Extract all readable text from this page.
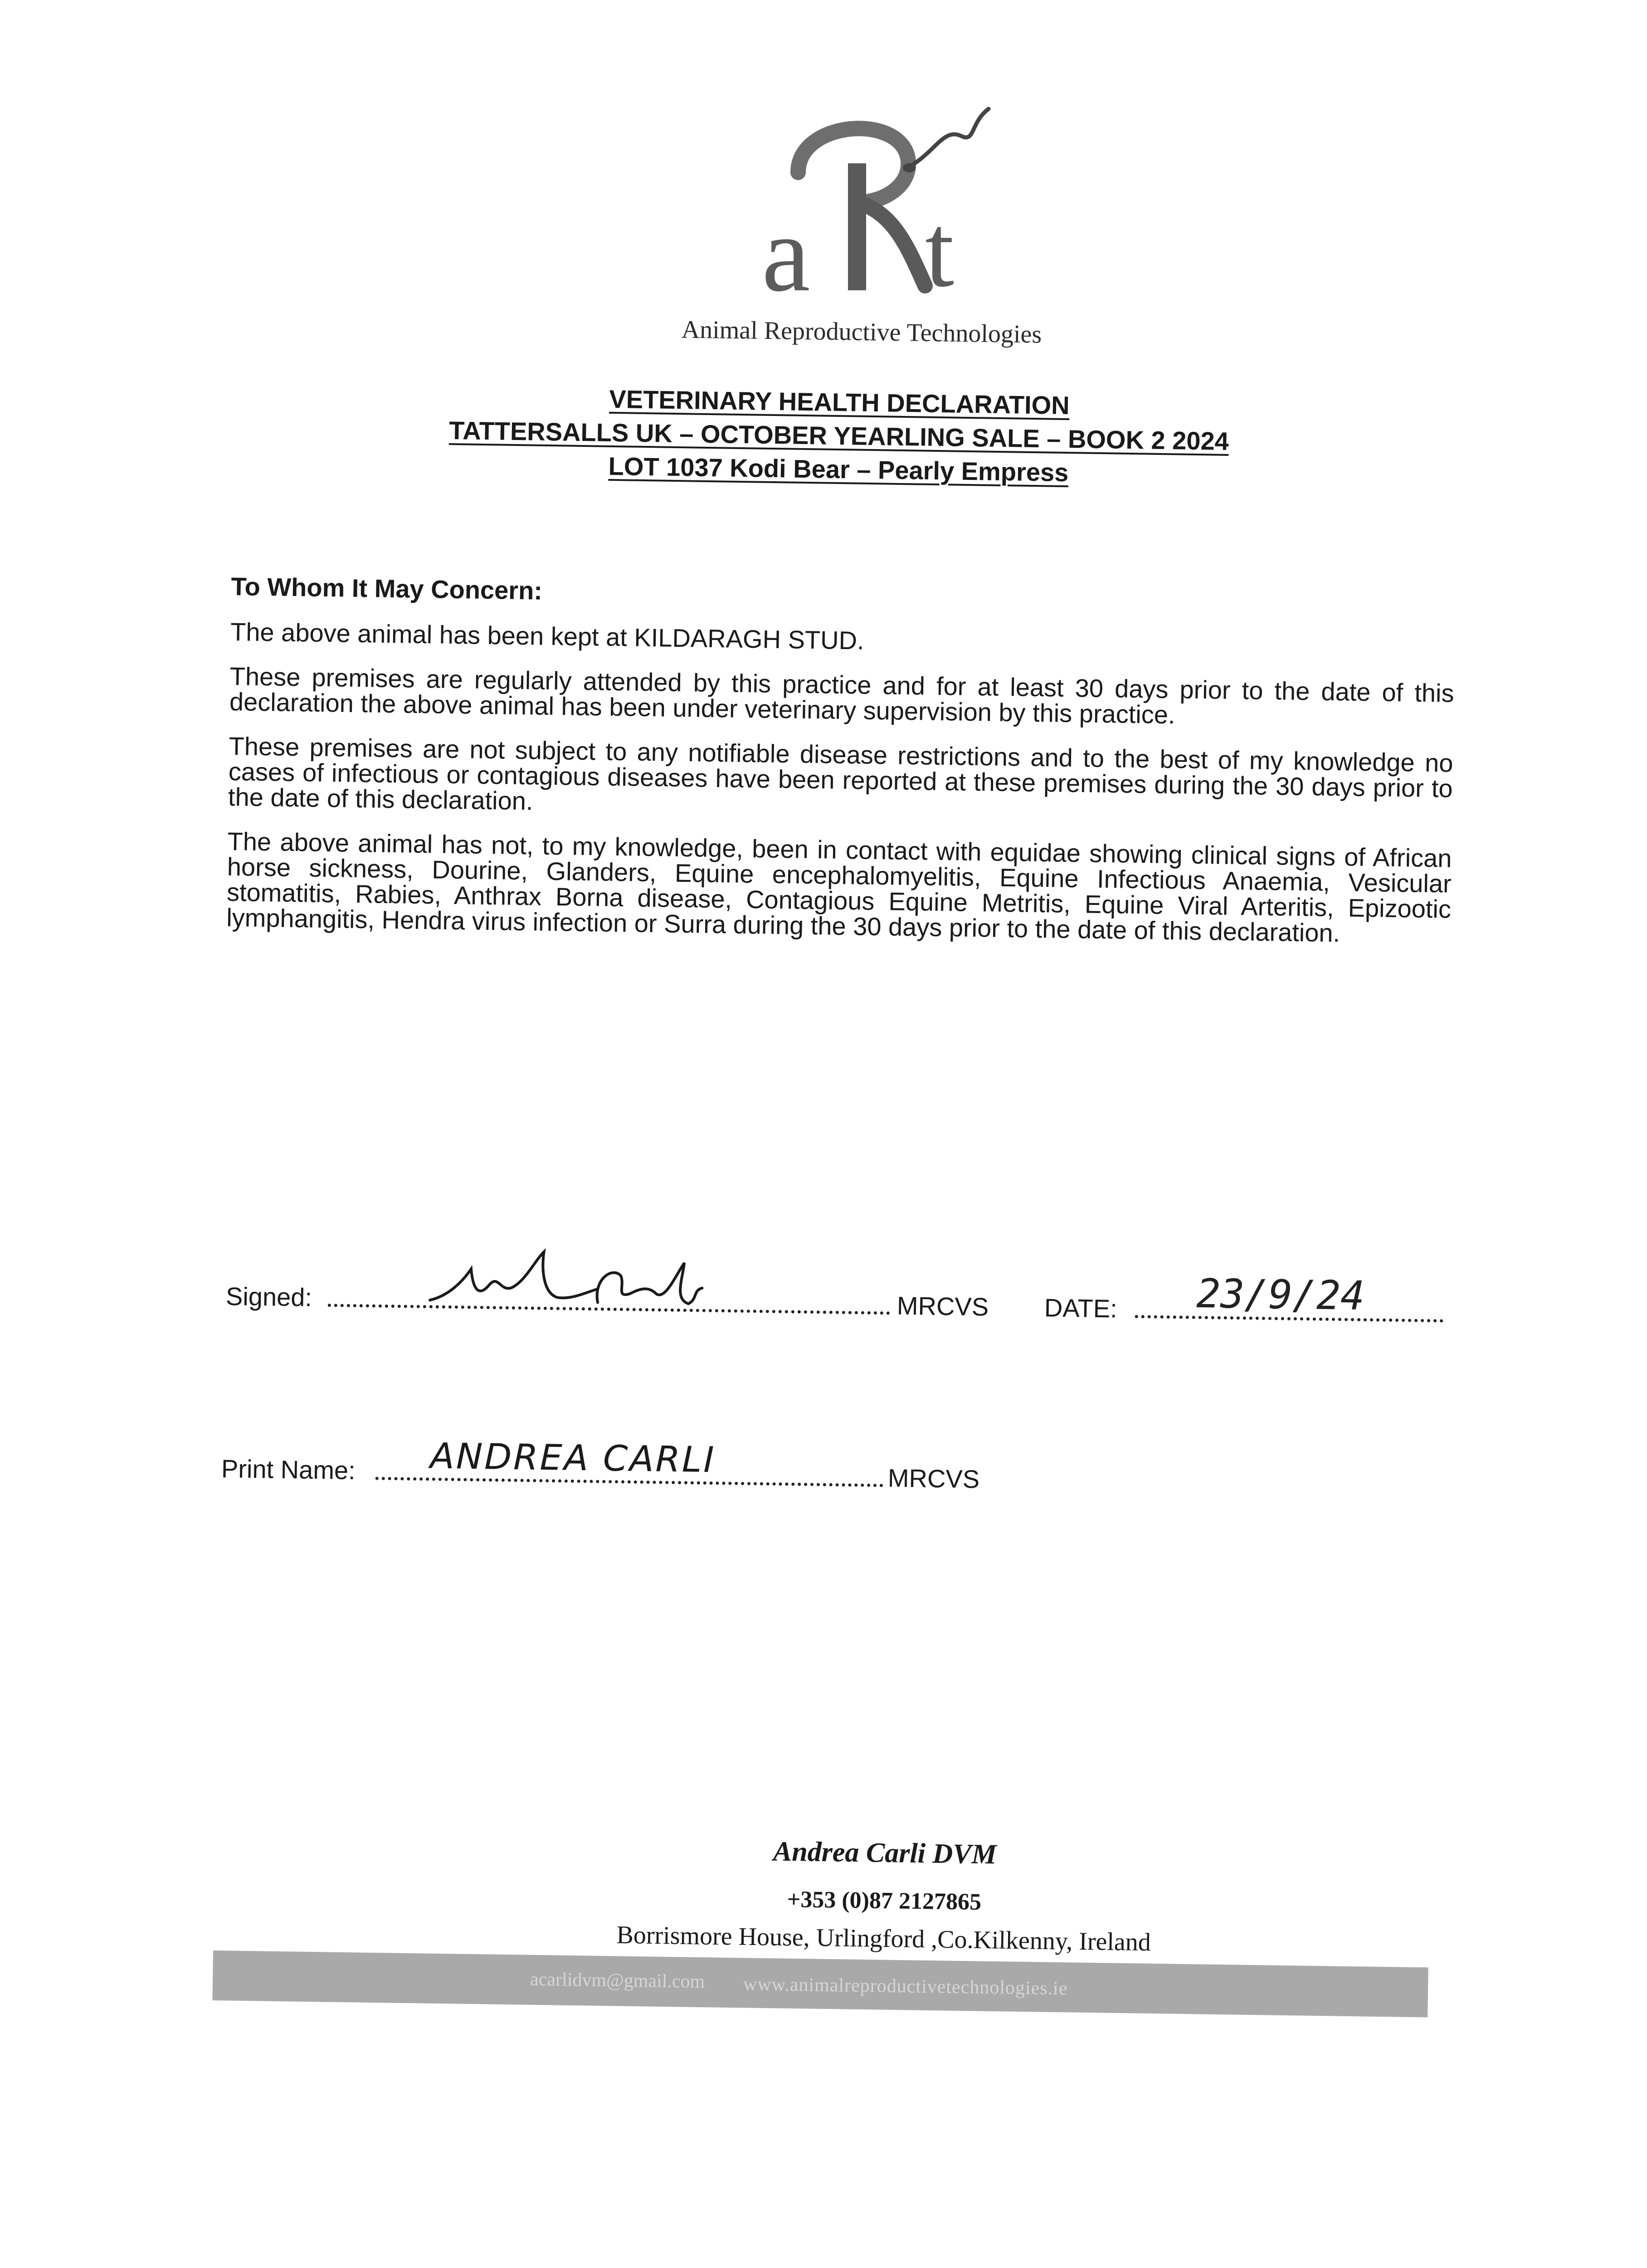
a t
Animal Reproductive Technologies
VETERINARY HEALTH DECLARATION
TATTERSALLS UK – OCTOBER YEARLING SALE – BOOK 2 2024
LOT 1037 Kodi Bear – Pearly Empress

To Whom It May Concern:

The above animal has been kept at KILDARAGH STUD.

These premises are regularly attended by this practice and for at least 30 days prior to the date of this declaration the above animal has been under veterinary supervision by this practice.

These premises are not subject to any notifiable disease restrictions and to the best of my knowledge no cases of infectious or contagious diseases have been reported at these premises during the 30 days prior to the date of this declaration.

The above animal has not, to my knowledge, been in contact with equidae showing clinical signs of African horse sickness, Dourine, Glanders, Equine encephalomyelitis, Equine Infectious Anaemia, Vesicular stomatitis, Rabies, Anthrax Borna disease, Contagious Equine Metritis, Equine Viral Arteritis, Epizootic lymphangitis, Hendra virus infection or Surra during the 30 days prior to the date of this declaration.

Signed:	MRCVS DATE: 23/9/24
Print Name: ANDREA CARLI	MRCVS
Andrea Carli DVM
+353 (0)87 2127865
Borrismore House, Urlingford ,Co.Kilkenny, Ireland
acarlidvm@gmail.com www.animalreproductivetechnologies.ie
